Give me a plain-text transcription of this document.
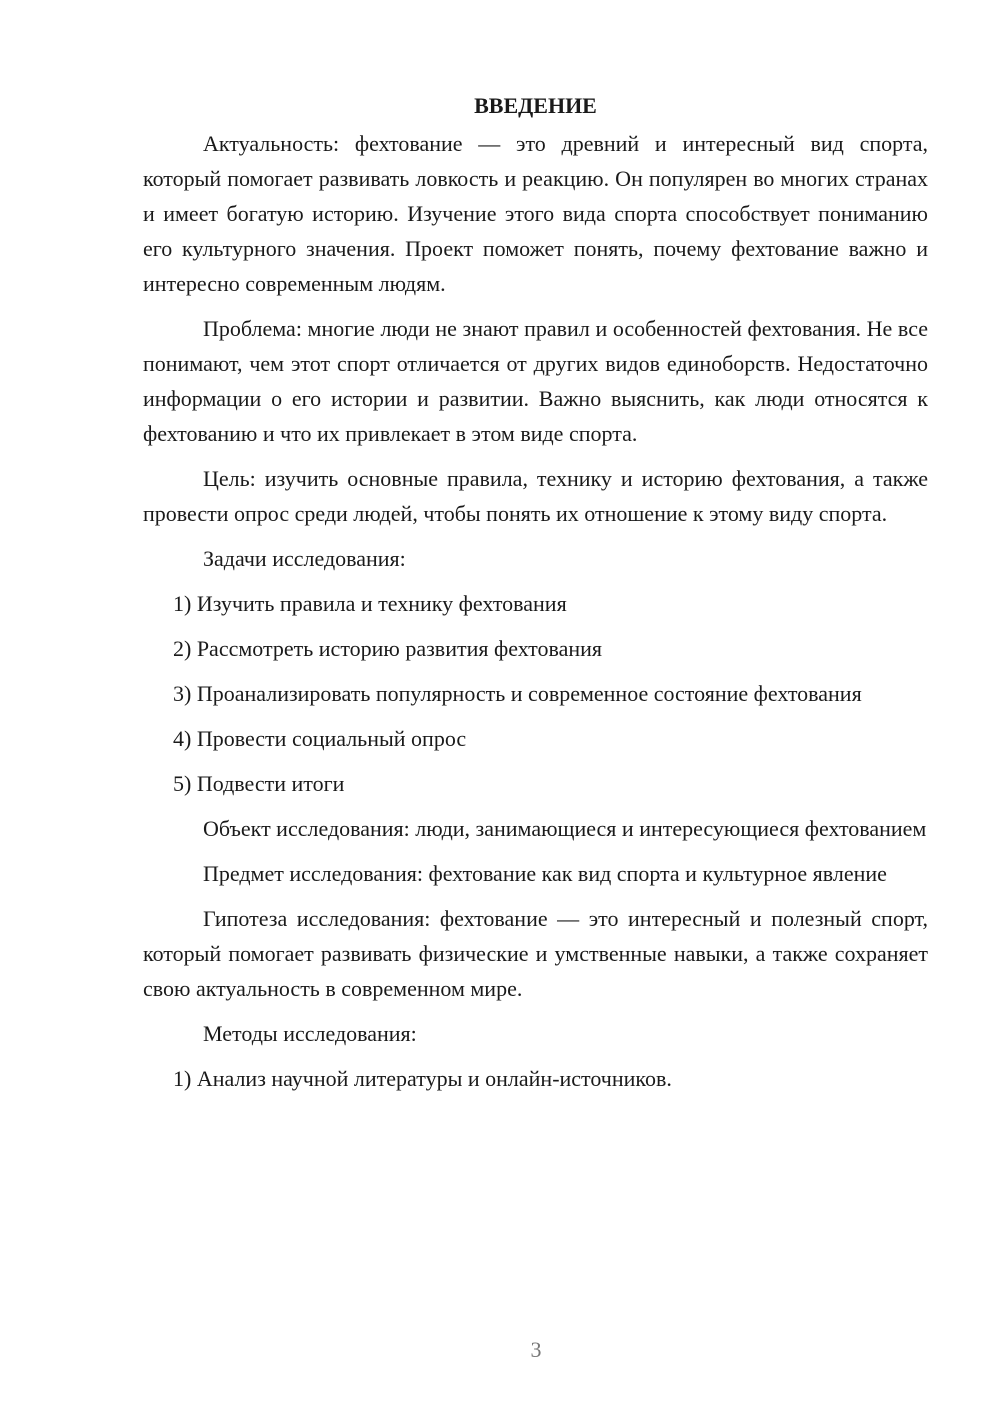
ВВЕДЕНИЕ

Актуальность: фехтование — это древний и интересный вид спорта, который помогает развивать ловкость и реакцию. Он популярен во многих странах и имеет богатую историю. Изучение этого вида спорта способствует пониманию его культурного значения. Проект поможет понять, почему фехтование важно и интересно современным людям.

Проблема: многие люди не знают правил и особенностей фехтования. Не все понимают, чем этот спорт отличается от других видов единоборств. Недостаточно информации о его истории и развитии. Важно выяснить, как люди относятся к фехтованию и что их привлекает в этом виде спорта.

Цель: изучить основные правила, технику и историю фехтования, а также провести опрос среди людей, чтобы понять их отношение к этому виду спорта.

Задачи исследования:

1) Изучить правила и технику фехтования

2) Рассмотреть историю развития фехтования

3) Проанализировать популярность и современное состояние фехтования

4) Провести социальный опрос

5) Подвести итоги

Объект исследования: люди, занимающиеся и интересующиеся фехтованием

Предмет исследования: фехтование как вид спорта и культурное явление

Гипотеза исследования: фехтование — это интересный и полезный спорт, который помогает развивать физические и умственные навыки, а также сохраняет свою актуальность в современном мире.

Методы исследования:

1) Анализ научной литературы и онлайн-источников.

3
